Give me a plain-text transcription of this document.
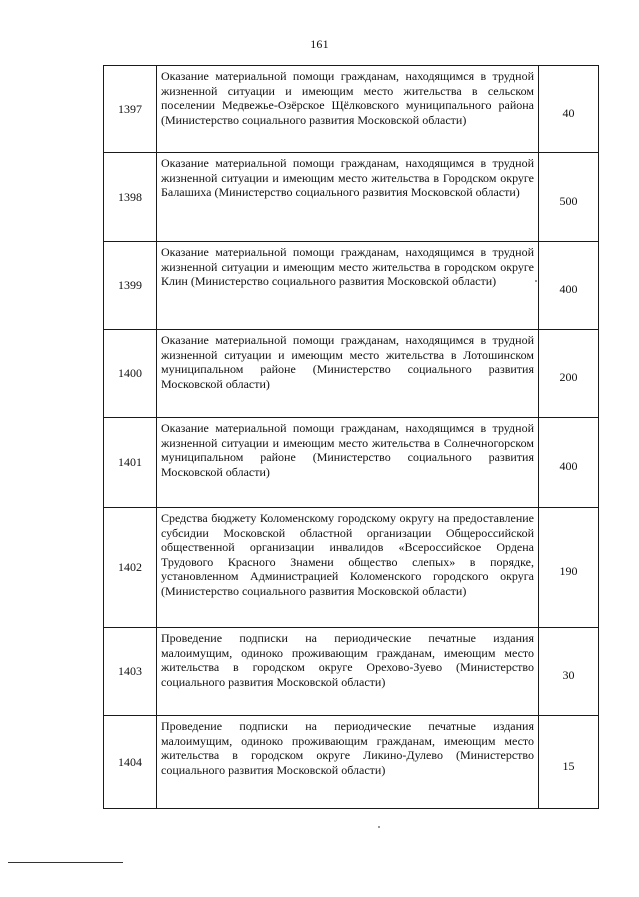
161
1397	Оказание материальной помощи гражданам, находящимся в трудной жизненной ситуации и имеющим место жительства в сельском поселении Медвежье-Озёрское Щёлковского муниципального района (Министерство социального развития Московской области)	40
1398	Оказание материальной помощи гражданам, находящимся в трудной жизненной ситуации и имеющим место жительства в Городском округе Балашиха (Министерство социального развития Московской области)	500
1399	Оказание материальной помощи гражданам, находящимся в трудной жизненной ситуации и имеющим место жительства в городском округе Клин (Министерство социального развития Московской области)	400
1400	Оказание материальной помощи гражданам, находящимся в трудной жизненной ситуации и имеющим место жительства в Лотошинском муниципальном районе (Министерство социального развития Московской области)	200
1401	Оказание материальной помощи гражданам, находящимся в трудной жизненной ситуации и имеющим место жительства в Солнечногорском муниципальном районе (Министерство социального развития Московской области)	400
1402	Средства бюджету Коломенскому городскому округу на предоставление субсидии Московской областной организации Общероссийской общественной организации инвалидов «Всероссийское Ордена Трудового Красного Знамени общество слепых» в порядке, установленном Администрацией Коломенского городского округа (Министерство социального развития Московской области)	190
1403	Проведение подписки на периодические печатные издания малоимущим, одиноко проживающим гражданам, имеющим место жительства в городском округе Орехово-Зуево (Министерство социального развития Московской области)	30
1404	Проведение подписки на периодические печатные издания малоимущим, одиноко проживающим гражданам, имеющим место жительства в городском округе Ликино-Дулево (Министерство социального развития Московской области)	15
